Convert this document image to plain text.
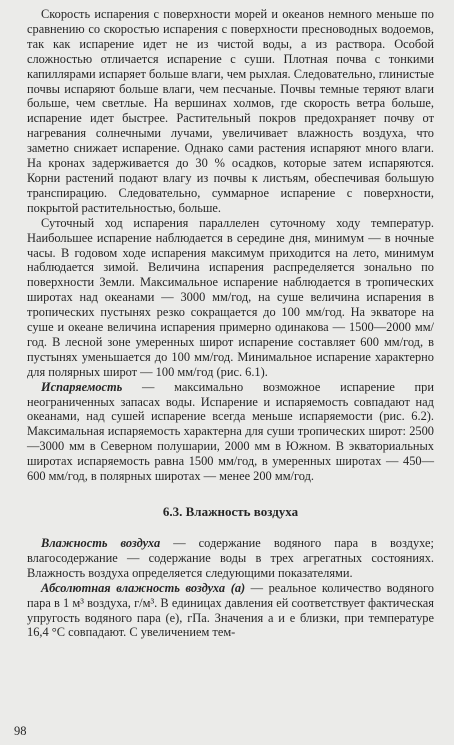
Скорость испарения с поверхности морей и океанов немного меньше по сравнению со скоростью испарения с поверхности пресноводных водоемов, так как испарение идет не из чистой воды, а из раствора. Особой сложностью отличается испарение с суши. Плотная почва с тонкими капиллярами испаряет больше влаги, чем рыхлая. Следовательно, глинистые почвы испаряют больше влаги, чем песчаные. Почвы темные теряют влаги больше, чем светлые. На вершинах холмов, где скорость ветра больше, испарение идет быстрее. Растительный покров предохраняет почву от нагревания солнечными лучами, увеличивает влажность воздуха, что заметно снижает испарение. Однако сами растения испаряют много влаги. На кронах задерживается до 30 % осадков, которые затем испаряются. Корни растений подают влагу из почвы к листьям, обеспечивая большую транспирацию. Следовательно, суммарное испарение с поверхности, покрытой растительностью, больше.

Суточный ход испарения параллелен суточному ходу температур. Наибольшее испарение наблюдается в середине дня, минимум — в ночные часы. В годовом ходе испарения максимум приходится на лето, минимум наблюдается зимой. Величина испарения распределяется зонально по поверхности Земли. Максимальное испарение наблюдается в тропических широтах над океанами — 3000 мм/год, на суше величина испарения в тропических пустынях резко сокращается до 100 мм/год. На экваторе на суше и океане величина испарения примерно одинакова — 1500—2000 мм/год. В лесной зоне умеренных широт испарение составляет 600 мм/год, в пустынях уменьшается до 100 мм/год. Минимальное испарение характерно для полярных широт — 100 мм/год (рис. 6.1).

Испаряемость — максимально возможное испарение при неограниченных запасах воды. Испарение и испаряемость совпадают над океанами, над сушей испарение всегда меньше испаряемости (рис. 6.2). Максимальная испаряемость характерна для суши тропических широт: 2500—3000 мм в Северном полушарии, 2000 мм в Южном. В экваториальных широтах испаряемость равна 1500 мм/год, в умеренных широтах — 450—600 мм/год, в полярных широтах — менее 200 мм/год.

6.3. Влажность воздуха

Влажность воздуха — содержание водяного пара в воздухе; влагосодержание — содержание воды в трех агрегатных состояниях. Влажность воздуха определяется следующими показателями.

Абсолютная влажность воздуха (а) — реальное количество водяного пара в 1 м³ воздуха, г/м³. В единицах давления ей соответствует фактическая упругость водяного пара (е), гПа. Значения а и е близки, при температуре 16,4 °С совпадают. С увеличением тем-

98
